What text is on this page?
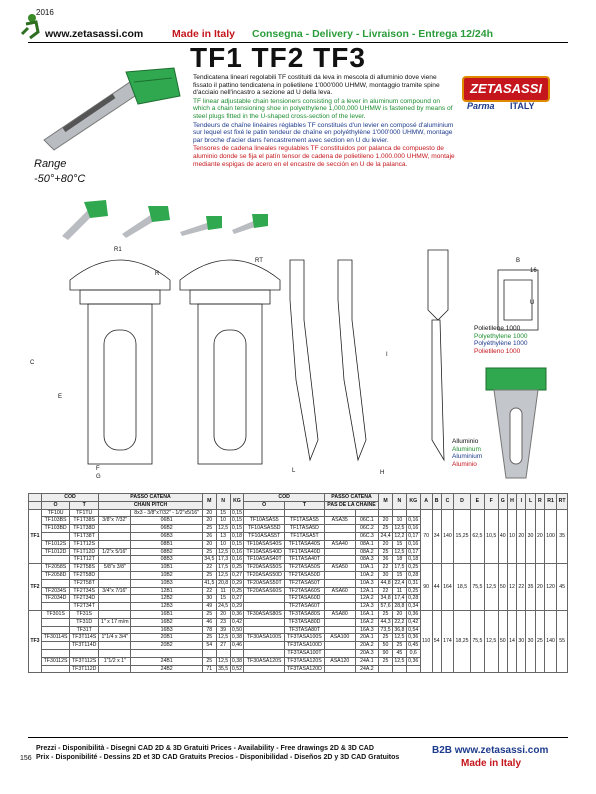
2016
www.zetasassi.com	Made in Italy Consegna - Delivery - Livraison - Entrega 12/24h
TF1 TF2 TF3
ZETASASSI
Parma ITALY

Tendicatena lineari regolabili TF costituiti da leva in mescola di alluminio dove viene fissato il pattino tendicatena in polietilene 1'000'000 UHMW, montaggio tramite spine d'acciaio nell'incastro a sezione ad U della leva.

TF linear adjustable chain tensioners consisting of a lever in aluminum compound on which a chain tensioning shoe in polyethylene 1,000,000 UHMW is fastened by means of steel plugs fitted in the U-shaped cross-section of the lever.

Tendeurs de chaîne linéaires réglables TF constitués d'un levier en composé d'aluminium sur lequel est fixé le patin tendeur de chaîne en polyéthylène 1'000'000 UHMW, montage par broche d'acier dans l'encastrement avec section en U du levier.

Tensores de cadena lineales regulables TF constituidos por palanca de compuesto de aluminio donde se fija el patín tensor de cadena de polietileno 1.000.000 UHMW, montaje mediante espigas de acero en el encastre de sección en U de la palanca.

Range
-50°+80°C
R1
R
RT
C
E
F
G
H
L
B
U
16
I
Polietilene 1000
Polyethylene 1000
Polyéthylène 1000
Polietileno 1000
Alluminio
Aluminum
Aluminium
Aluminio
	COD		PASSO CATENA		M	N	KG	COD		PASSO CATENA		M	N	KG	A	B	C	D	E	F	G	H	I	L	R	R1	RT
	O	T	CHAIN PITCH					O	T	PAS DE LA CHAÎNE																	
TF1	TF10U	TF1TU		8x3 - 3/8"x7/32" - 1/2"x5/16"	20	15	0,15								70	34	140	15,25	62,5	10,5	40	10	20	30	20	100	35
	TF103BS	TF1T38S	3/8"x 7/32"	06B1	20	10	0,15	TF10ASAS5	TF1TASAS5	ASA35	06C.1	20	10	0,16													
	TF103BD	TF1T38D		06B2	25	12,5	0,15	TF10ASAS5D	TF1TASA5D		06C.2	25	12,5	0,16													
		TF1T38T		06B3	26	13	0,18	TF10ASAS5T	TF1TASA5T		06C.3	24,4	12,2	0,17													
	TF1012S	TF1T12S		08B1	20	10	0,15	TF10ASAS40S	TF1TASA40S	ASA40	08A.1	20	15	0,16													
	TF1012D	TF1T12D	1/2"x 5/16"	08B2	25	12,5	0,16	TF10ASAS40D	TF1TASA40D		08A.2	25	12,5	0,17													
		TF1T12T		08B3	34,5	17,3	0,16	TF10ASAS40T	TF1TASA40T		08A.3	36	18	0,18													
TF2	TF2058S	TF2T58S	5/8"x 3/8"	10B1	22	17,5	0,25	TF20ASAS50S	TF2TASA50S	ASA50	10A.1	22	17,5	0,25	90	44	164	18,5	75,5	12,5	50	12	22	35	20	120	45
	TF2058D	TF2T58D		10B2	25	12,5	0,27	TF20ASAS50D	TF2TASA50D		10A.2	30	15	0,28													
		TF2T58T		10B3	41,5	20,8	0,29	TF20ASAS50T	TF2TASA50T		10A.3	44,8	22,4	0,31													
	TF2034S	TF2T34S	3/4"x 7/16"	12B1	22	11	0,25	TF20ASAS60S	TF2TASA60S	ASA60	12A.1	22	11	0,25													
	TF2034D	TF2T34D		12B2	30	15	0,27		TF2TASA60D		12A.2	34,8	17,4	0,28													
		TF2T34T		12B3	49	24,5	0,29		TF2TASA60T		12A.3	57,6	28,8	0,34													
TF3	TF301S	TF31S		16B1	25	20	0,36	TF30ASAS80S	TF3TASA80S	ASA80	16A.1	25	20	0,36	110	54	174	18,25	75,5	12,5	50	14	30	30	25	140	55
		TF31D	1" x 17 m/m	16B2	46	23	0,42		TF3TASA80D		16A.2	44,3	22,2	0,42													
		TF31T		16B3	78	39	0,50		TF3TASA80T		16A.3	73,5	36,8	0,54													
	TF30114S	TF3T114S	1"1/4 x 3/4"	20B1	25	12,5	0,38	TF30ASA100S	TF3TASA100S	ASA100	20A.1	25	12,5	0,36													
		TF3T114D		20B2	54	27	0,46		TF3TASA100D		20A.2	50	25	0,45													
									TF3TASA100T		20A.3	90	45	0,6													
	TF30112S	TF3T112S	1"1/2 x 1"	24B1	25	12,5	0,38	TF30ASA120S	TF3TASA120S	ASA120	24A.1	25	12,5	0,36													
		TF3T112D		24B2	71	35,5	0,52		TF3TASA120D		24A.2																
156
Prezzi - Disponibilità - Disegni CAD 2D & 3D Gratuiti Prices - Availability - Free drawings 2D & 3D CAD
Prix - Disponibilité - Dessins 2D et 3D CAD Gratuits Precios - Disponibilidad - Diseños 2D y 3D CAD Gratuitos
B2B www.zetasassi.com
Made in Italy
